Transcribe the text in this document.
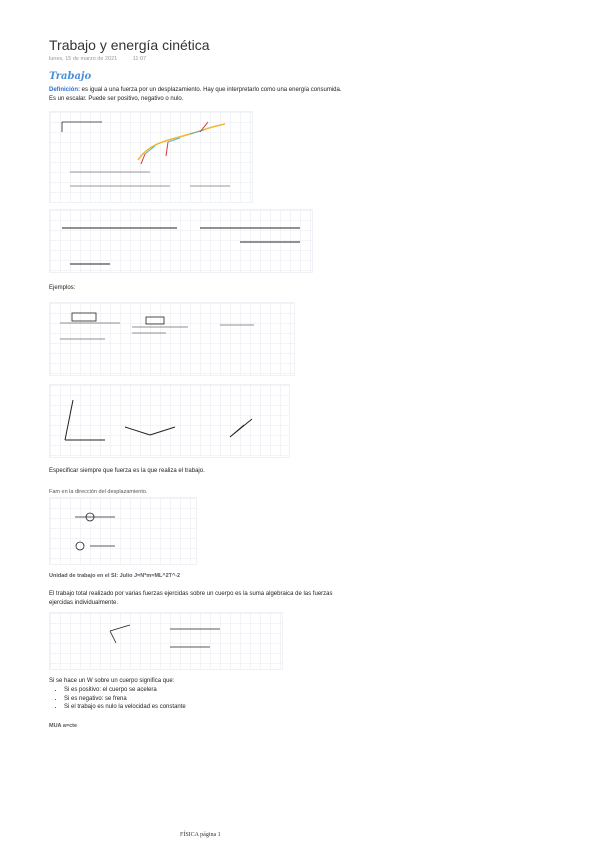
Trabajo y energía cinética
lunes, 15 de marzo de 2021	11:07
Trabajo
Definición: es igual a una fuerza por un desplazamiento. Hay que interpretarlo como una energía consumida. Es un escalar. Puede ser positivo, negativo o nulo.
Ejemplos:
Especificar siempre que fuerza es la que realiza el trabajo.
Fam en la dirección del desplazamiento.
Unidad de trabajo en el SI: Julio J=N*m=ML^2T^-2
El trabajo total realizado por varias fuerzas ejercidas sobre un cuerpo es la suma algebraica de las fuerzas ejercidas individualmente.
Si se hace un W sobre un cuerpo significa que:
• Si es positivo: el cuerpo se acelera
• Si es negativo: se frena
• Si el trabajo es nulo la velocidad es constante
MUA a=cte
FÍSICA página 1
